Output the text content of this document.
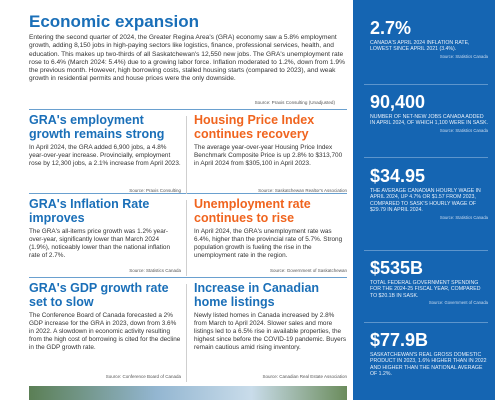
Economic expansion

Entering the second quarter of 2024, the Greater Regina Area's (GRA) economy saw a 5.8% employment growth, adding 8,150 jobs in high-paying sectors like logistics, finance, professional services, health, and education. This makes up two-thirds of all Saskatchewan's 12,550 new jobs. The GRA's unemployment rate rose to 6.4% (March 2024: 5.4%) due to a growing labor force. Inflation moderated to 1.2%, down from 1.9% the previous month. However, high borrowing costs, stalled housing starts (compared to 2023), and weak growth in residential permits and house prices were the only downside.

Source: Praxis Consulting (Unadjusted)
GRA's employment growth remains strong

In April 2024, the GRA added 6,900 jobs, a 4.8% year-over-year increase. Provincially, employment rose by 12,300 jobs, a 2.1% increase from April 2023.

Source: Praxis Consulting
Housing Price Index continues recovery

The average year-over-year Housing Price Index Benchmark Composite Price is up 2.8% to $313,700 in April 2024 from $305,100 in April 2023.

Source: Saskatchewan Realtor's Association
GRA's Inflation Rate improves

The GRA's all-items price growth was 1.2% year-over-year, significantly lower than March 2024 (1.9%), noticeably lower than the national inflation rate of 2.7%.

Source: Statistics Canada
Unemployment rate continues to rise

In April 2024, the GRA's unemployment rate was 6.4%, higher than the provincial rate of 5.7%. Strong population growth is fueling the rise in the unemployment rate in the region.

Source: Government of Saskatchewan
GRA's GDP growth rate set to slow

The Conference Board of Canada forecasted a 2% GDP increase for the GRA in 2023, down from 3.6% in 2022. A slowdown in economic activity resulting from the high cost of borrowing is cited for the decline in the GDP growth rate.

Source: Conference Board of Canada
Increase in Canadian home listings

Newly listed homes in Canada increased by 2.8% from March to April 2024. Slower sales and more listings led to a 6.5% rise in available properties, the highest since before the COVID-19 pandemic. Buyers remain cautious amid rising inventory.

Source: Canadian Real Estate Association
2.7%
CANADA'S APRIL 2024 INFLATION RATE, LOWEST SINCE APRIL 2021 (3.4%).
Source: Statistics Canada
90,400
NUMBER OF NET-NEW JOBS CANADA ADDED IN APRIL 2024, OF WHICH 1,100 WERE IN SASK.
Source: Statistics Canada
$34.95
THE AVERAGE CANADIAN HOURLY WAGE IN APRIL 2024, UP 4.7% OR $1.57 FROM 2023, COMPARED TO SASK'S HOURLY WAGE OF $29.79 IN APRIL 2024.
Source: Statistics Canada
$535B
TOTAL FEDERAL GOVERNMENT SPENDING FOR THE 2024-25 FISCAL YEAR, COMPARED TO $20.1B IN SASK.
Source: Government of Canada
$77.9B
SASKATCHEWAN'S REAL GROSS DOMESTIC PRODUCT IN 2023, 1.6% HIGHER THAN IN 2022 AND HIGHER THAN THE NATIONAL AVERAGE OF 1.2%.
